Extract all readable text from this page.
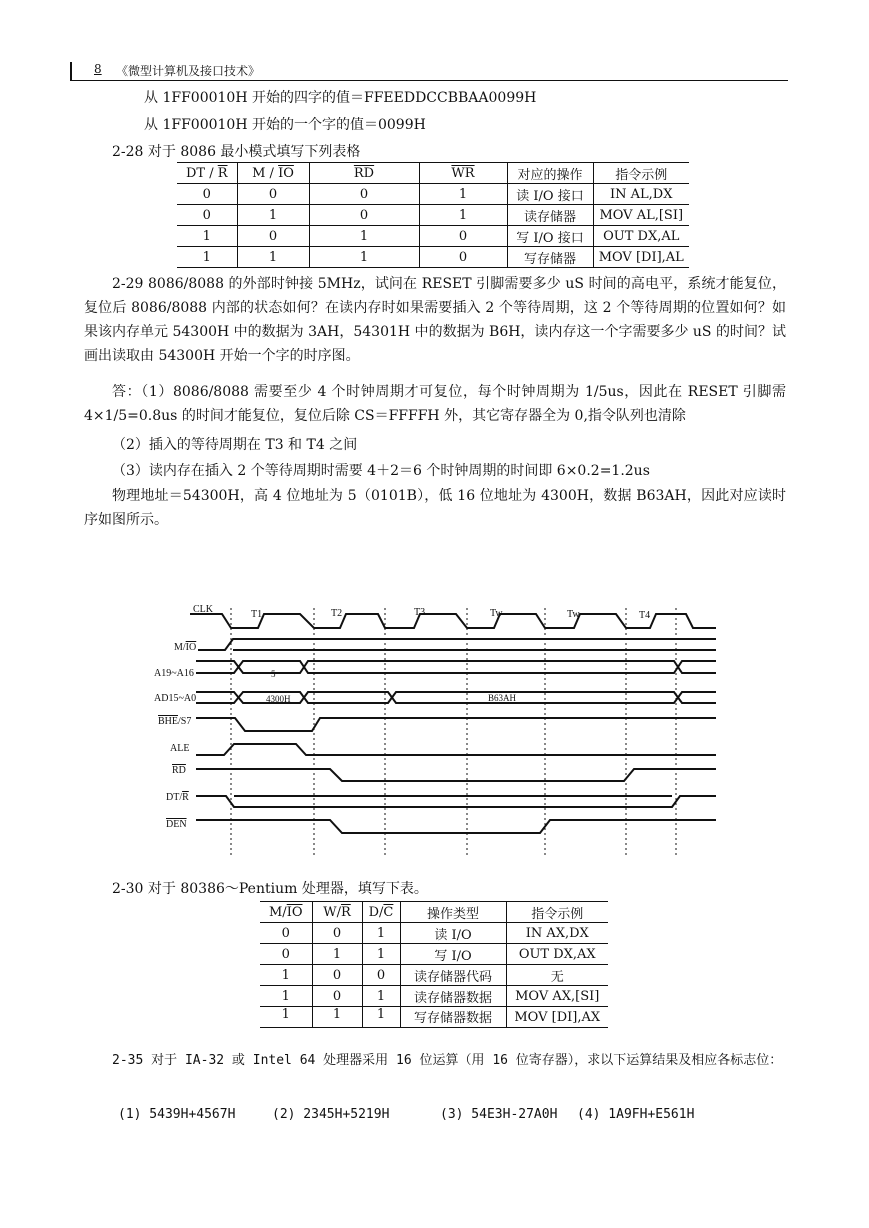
8 《微型计算机及接口技术》
从 1FF00010H 开始的四字的值＝FFEEDDCCBBAA0099H
从 1FF00010H 开始的一个字的值＝0099H
2-28 对于 8086 最小模式填写下列表格
DT / $\overline{R}$	M / $\overline{IO}$	$\overline{RD}$	$\overline{WR}$	对应的操作	指令示例
0	0	0	1	读 I/O 接口	IN AL,DX
0	1	0	1	读存储器	MOV AL,[SI]
1	0	1	0	写 I/O 接口	OUT DX,AL
1	1	1	0	写存储器	MOV [DI],AL
2-29 8086/8088 的外部时钟接 5MHz，试问在 RESET 引脚需要多少 uS 时间的高电平，系统才能复位，复位后 8086/8088 内部的状态如何？在读内存时如果需要插入 2 个等待周期，这 2 个等待周期的位置如何？如果该内存单元 54300H 中的数据为 3AH，54301H 中的数据为 B6H，读内存这一个字需要多少 uS 的时间？试画出读取由 54300H 开始一个字的时序图。
答：（1）8086/8088 需要至少 4 个时钟周期才可复位，每个时钟周期为 1/5us，因此在 RESET 引脚需 4×1/5=0.8us 的时间才能复位，复位后除 CS＝FFFFH 外，其它寄存器全为 0,指令队列也清除
（2）插入的等待周期在 T3 和 T4 之间
（3）读内存在插入 2 个等待周期时需要 4＋2＝6 个时钟周期的时间即 6×0.2=1.2us
物理地址＝54300H，高 4 位地址为 5（0101B），低 16 位地址为 4300H，数据 B63AH，因此对应读时序如图所示。
CLK	T1	T2	T3	Tw	Tw	T4
M/IO
A19~A16
AD15~A0
BHE/S7
ALE
RD
DT/R
DEN
5
4300H	B63AH
2-30 对于 80386～Pentium 处理器，填写下表。
$M/\overline{IO}$	$W/\overline{R}$	$D/\overline{C}$	操作类型	指令示例
0	0	1	读 I/O	IN AX,DX
0	1	1	写 I/O	OUT DX,AX
1	0	0	读存储器代码	无
1	0	1	读存储器数据	MOV AX,[SI]
1	1	1	写存储器数据	MOV [DI],AX
2-35 对于 IA-32 或 Intel 64 处理器采用 16 位运算（用 16 位寄存器），求以下运算结果及相应各标志位：
(1) 5439H+4567H	(2) 2345H+5219H	(3) 54E3H-27A0H (4) 1A9FH+E561H
